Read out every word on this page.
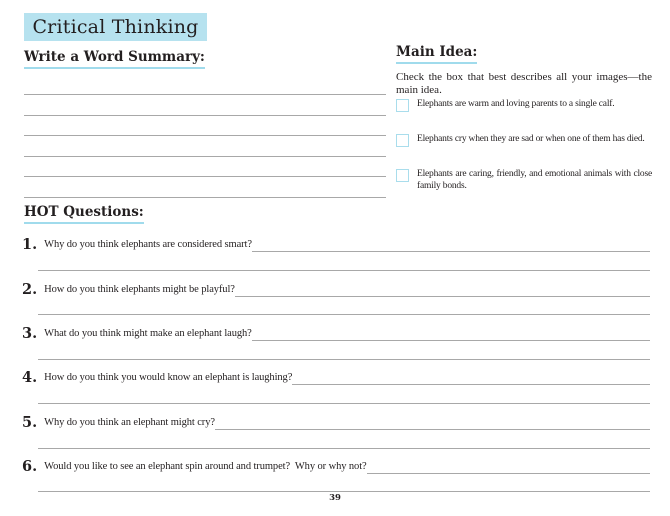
Critical Thinking
Write a Word Summary:	Main Idea:

Check the box that best describes all your images—the main idea.

Elephants are warm and loving parents to a single calf.
Elephants cry when they are sad or when one of them has died.
Elephants are caring, friendly, and emotional animals with close family bonds.
HOT Questions:
1. Why do you think elephants are considered smart?
2. How do you think elephants might be playful?
3. What do you think might make an elephant laugh?
4. How do you think you would know an elephant is laughing?
5. Why do you think an elephant might cry?
6. Would you like to see an elephant spin around and trumpet?  Why or why not?
39
